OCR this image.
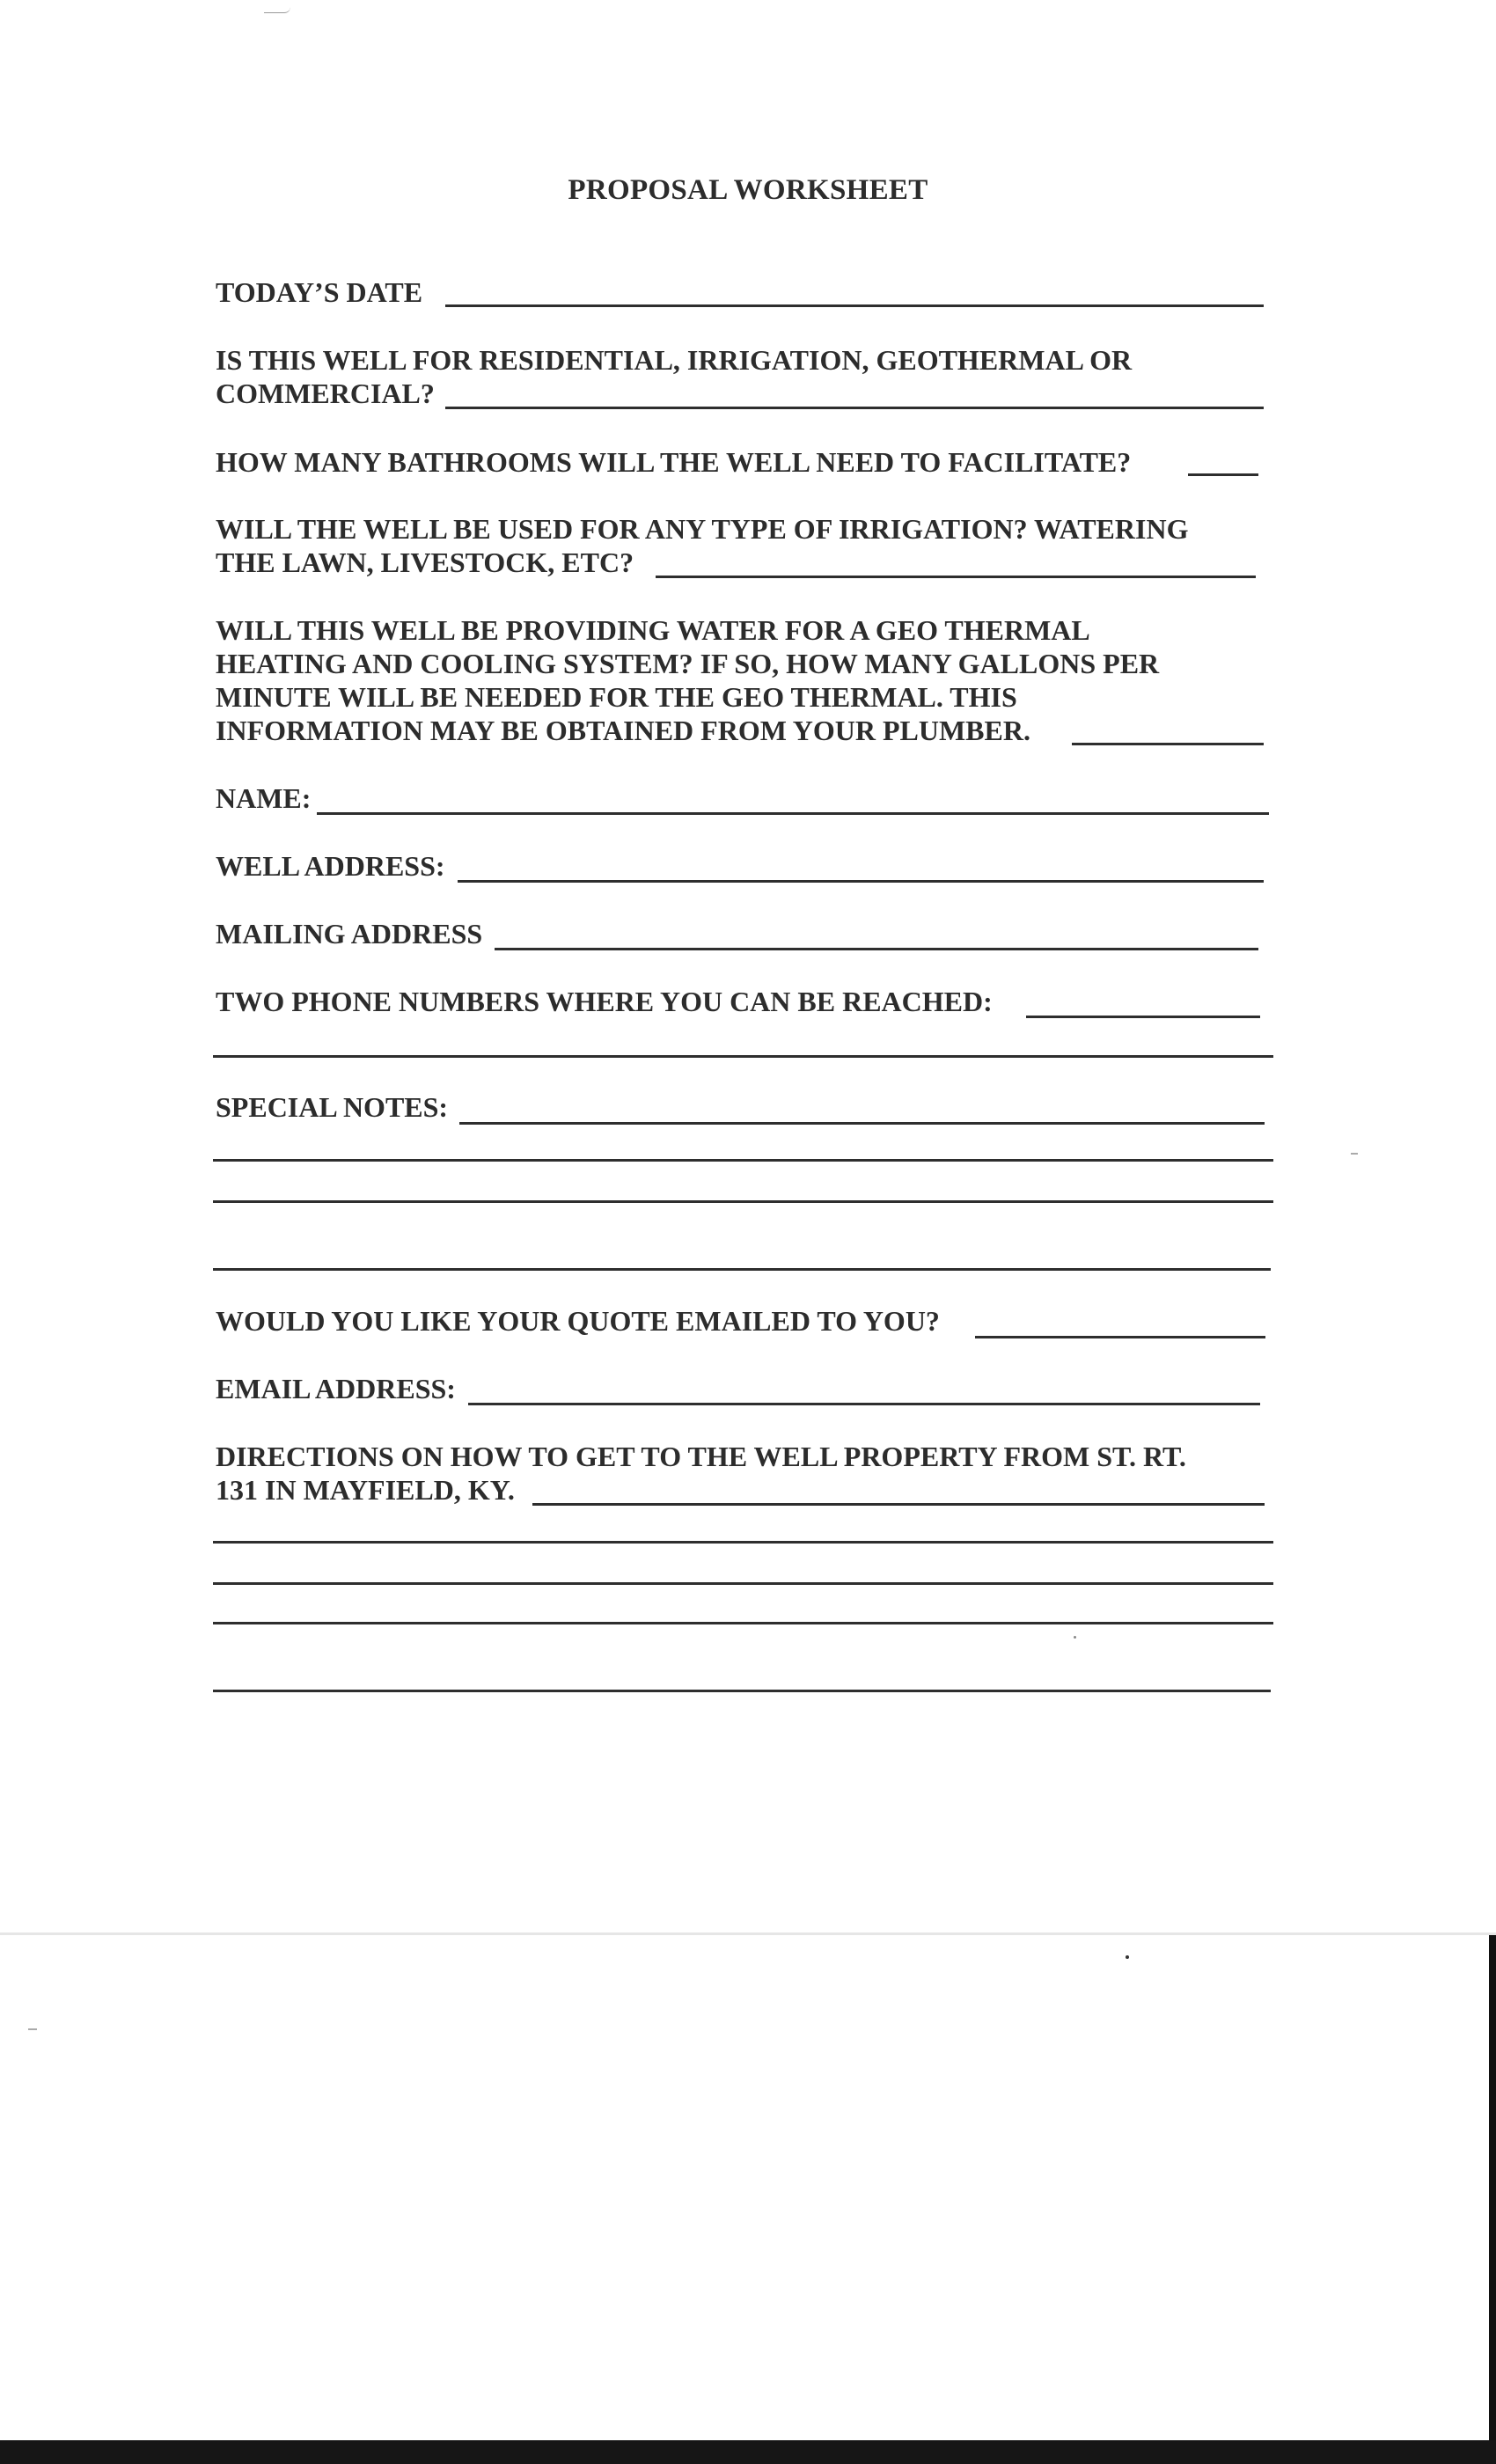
PROPOSAL WORKSHEET
TODAY’S DATE
IS THIS WELL FOR RESIDENTIAL, IRRIGATION, GEOTHERMAL OR
COMMERCIAL?
HOW MANY BATHROOMS WILL THE WELL NEED TO FACILITATE?
WILL THE WELL BE USED FOR ANY TYPE OF IRRIGATION? WATERING
THE LAWN, LIVESTOCK, ETC?
WILL THIS WELL BE PROVIDING WATER FOR A GEO THERMAL
HEATING AND COOLING SYSTEM? IF SO, HOW MANY GALLONS PER
MINUTE WILL BE NEEDED FOR THE GEO THERMAL. THIS
INFORMATION MAY BE OBTAINED FROM YOUR PLUMBER.
NAME:
WELL ADDRESS:
MAILING ADDRESS
TWO PHONE NUMBERS WHERE YOU CAN BE REACHED:
SPECIAL NOTES:
WOULD YOU LIKE YOUR QUOTE EMAILED TO YOU?
EMAIL ADDRESS:
DIRECTIONS ON HOW TO GET TO THE WELL PROPERTY FROM ST. RT.
131 IN MAYFIELD, KY.
